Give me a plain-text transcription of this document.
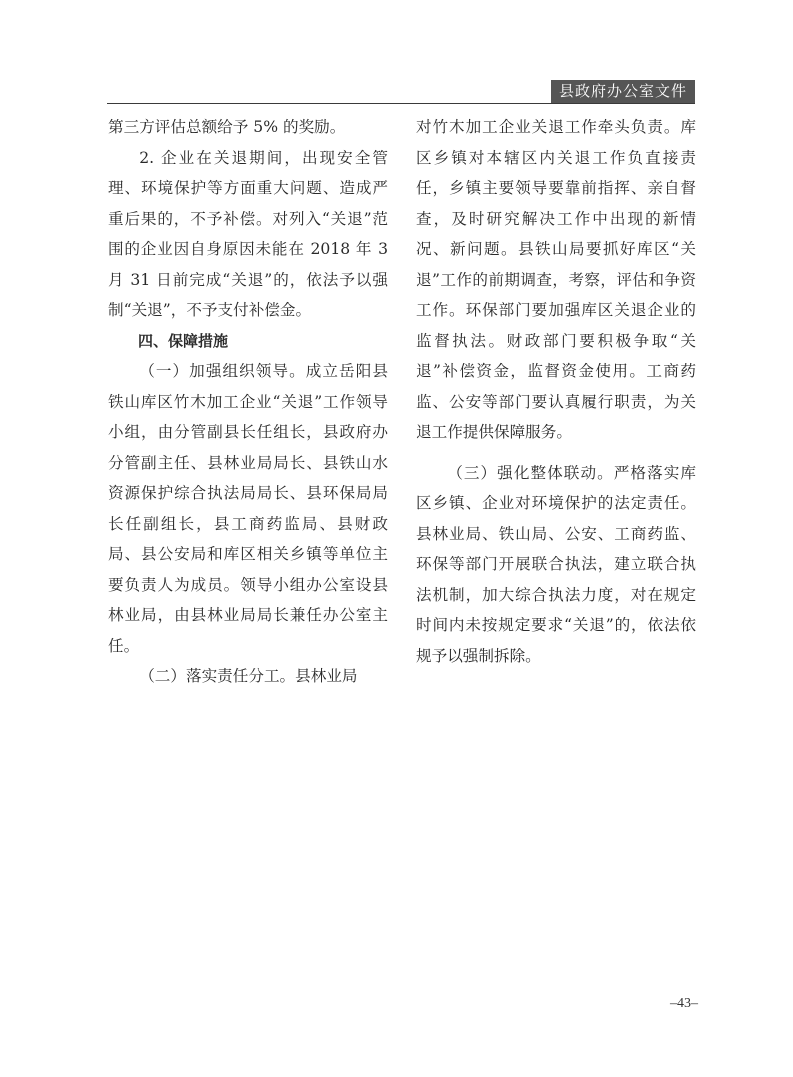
县政府办公室文件

第三方评估总额给予 5% 的奖励。

2. 企业在关退期间，出现安全管理、环境保护等方面重大问题、造成严重后果的，不予补偿。对列入“关退”范围的企业因自身原因未能在 2018 年 3 月 31 日前完成“关退”的，依法予以强制“关退”，不予支付补偿金。

四、保障措施

（一）加强组织领导。成立岳阳县铁山库区竹木加工企业“关退”工作领导小组，由分管副县长任组长，县政府办分管副主任、县林业局局长、县铁山水资源保护综合执法局局长、县环保局局长任副组长，县工商药监局、县财政局、县公安局和库区相关乡镇等单位主要负责人为成员。领导小组办公室设县林业局，由县林业局局长兼任办公室主任。

（二）落实责任分工。县林业局

对竹木加工企业关退工作牵头负责。库区乡镇对本辖区内关退工作负直接责任，乡镇主要领导要靠前指挥、亲自督查，及时研究解决工作中出现的新情况、新问题。县铁山局要抓好库区“关退”工作的前期调查，考察，评估和争资工作。环保部门要加强库区关退企业的监督执法。财政部门要积极争取“关退”补偿资金，监督资金使用。工商药监、公安等部门要认真履行职责，为关退工作提供保障服务。

（三）强化整体联动。严格落实库区乡镇、企业对环境保护的法定责任。县林业局、铁山局、公安、工商药监、环保等部门开展联合执法，建立联合执法机制，加大综合执法力度，对在规定时间内未按规定要求“关退”的，依法依规予以强制拆除。

–43–
